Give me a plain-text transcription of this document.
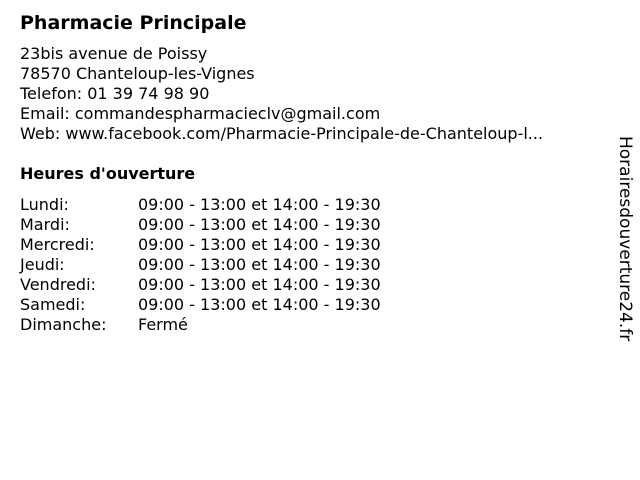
Pharmacie Principale
23bis avenue de Poissy
78570 Chanteloup-les-Vignes
Telefon: 01 39 74 98 90
Email: commandespharmacieclv@gmail.com
Web: www.facebook.com/Pharmacie-Principale-de-Chanteloup-l...
Heures d'ouverture
Lundi:	09:00 - 13:00 et 14:00 - 19:30
Mardi:	09:00 - 13:00 et 14:00 - 19:30
Mercredi:	09:00 - 13:00 et 14:00 - 19:30
Jeudi:	09:00 - 13:00 et 14:00 - 19:30
Vendredi:	09:00 - 13:00 et 14:00 - 19:30
Samedi:	09:00 - 13:00 et 14:00 - 19:30
Dimanche:	Fermé	Horairesdouverture24.fr
